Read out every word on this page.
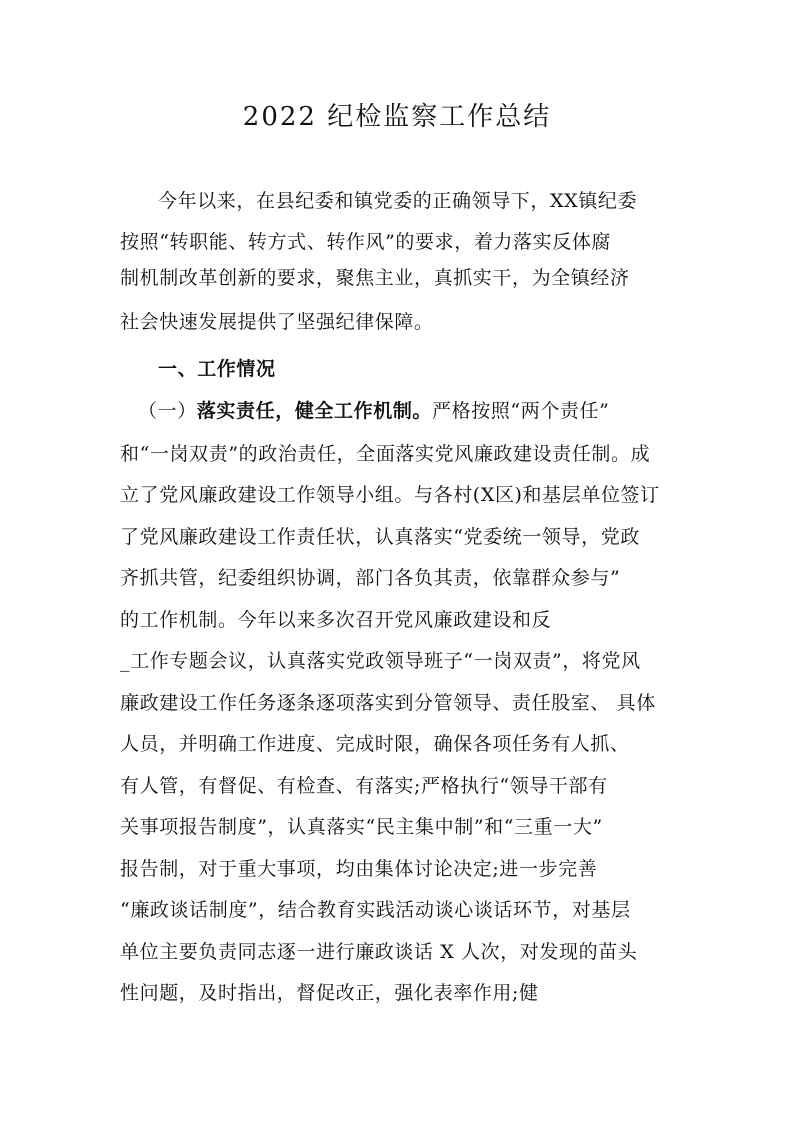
2022 纪检监察工作总结
今年以来，在县纪委和镇党委的正确领导下，XX镇纪委
按照“转职能、转方式、转作风”的要求，着力落实反体腐
制机制改革创新的要求，聚焦主业，真抓实干，为全镇经济
社会快速发展提供了坚强纪律保障。
一、工作情况
（一）落实责任，健全工作机制。严格按照“两个责任”
和“一岗双责”的政治责任，全面落实党风廉政建设责任制。成
立了党风廉政建设工作领导小组。与各村(X区)和基层单位签订
了党风廉政建设工作责任状，认真落实“党委统一领导，党政
齐抓共管，纪委组织协调，部门各负其责，依靠群众参与”
的工作机制。今年以来多次召开党风廉政建设和反
_工作专题会议，认真落实党政领导班子“一岗双责”，将党风
廉政建设工作任务逐条逐项落实到分管领导、责任股室、 具体
人员，并明确工作进度、完成时限，确保各项任务有人抓、
有人管，有督促、有检查、有落实;严格执行“领导干部有
关事项报告制度”，认真落实“民主集中制”和“三重一大”
报告制，对于重大事项，均由集体讨论决定;进一步完善
“廉政谈话制度”，结合教育实践活动谈心谈话环节，对基层
单位主要负责同志逐一进行廉政谈话 X 人次，对发现的苗头
性问题，及时指出，督促改正，强化表率作用;健
